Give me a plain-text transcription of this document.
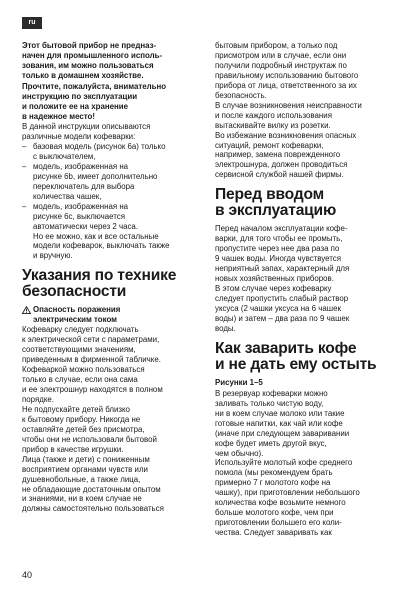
ru

Этот бытовой прибор не предназ-
начен для промышленного исполь-
зования, им можно пользоваться
только в домашнем хозяйстве.

Прочтите, пожалуйста, внимательно
инструкцию по эксплуатации
и положите ее на хранение
в надежное место!

В данной инструкции описываются
различные модели кофеварки:

– базовая модель (рисунок 6a) только
с выключателем,
– модель, изображенная на
рисунке 6b, имеет дополнительно
переключатель для выбора
количества чашек,
– модель, изображенная на
рисунке 6c, выключается
автоматически через 2 часа.
Но ее можно, как и все остальные
модели кофеварок, выключать также
и вручную.
Указания по технике
безопасности
Опасность поражения
электрическим током

Кофеварку следует подключать
к электрической сети с параметрами,
соответствующими значениям,
приведенным в фирменной табличке.

Кофеваркой можно пользоваться
только в случае, если она сама
и ее электрошнур находятся в полном
порядке.

Не подпускайте детей близко
к бытовому прибору. Никогда не
оставляйте детей без присмотра,
чтобы они не использовали бытовой
прибор в качестве игрушки.

Лица (также и дети) с пониженным
восприятием органами чувств или
душевнобольные, а также лица,
не обладающие достаточным опытом
и знаниями, ни в коем случае не
должны самостоятельно пользоваться

бытовым прибором, а только под
присмотром или в случае, если они
получили подробный инструктаж по
правильному использованию бытового
прибора от лица, ответственного за их
безопасность.

В случае возникновения неисправности
и после каждого использования
вытаскивайте вилку из розетки.

Во избежание возникновения опасных
ситуаций, ремонт кофеварки,
например, замена поврежденного
электрошнура, должен проводиться
сервисной службой нашей фирмы.

Перед вводом
в эксплуатацию

Перед началом эксплуатации кофе-
варки, для того чтобы ее промыть,
пропустите через нее два раза по
9 чашек воды. Иногда чувствуется
неприятный запах, характерный для
новых хозяйственных приборов.

В этом случае через кофеварку
следует пропустить слабый раствор
уксуса (2 чашки уксуса на 6 чашек
воды) и затем – два раза по 9 чашек
воды.

Как заварить кофе
и не дать ему остыть

Рисунки 1–5

В резервуар кофеварки можно
заливать только чистую воду,
ни в коем случае молоко или такие
готовые напитки, как чай или кофе
(иначе при следующем заваривании
кофе будет иметь другой вкус,
чем обычно).

Используйте молотый кофе среднего
помола (мы рекомендуем брать
примерно 7 г молотого кофе на
чашку), при приготовлении небольшого
количества кофе возьмите немного
больше молотого кофе, чем при
приготовлении большего его коли-
чества. Следует заваривать как

40
